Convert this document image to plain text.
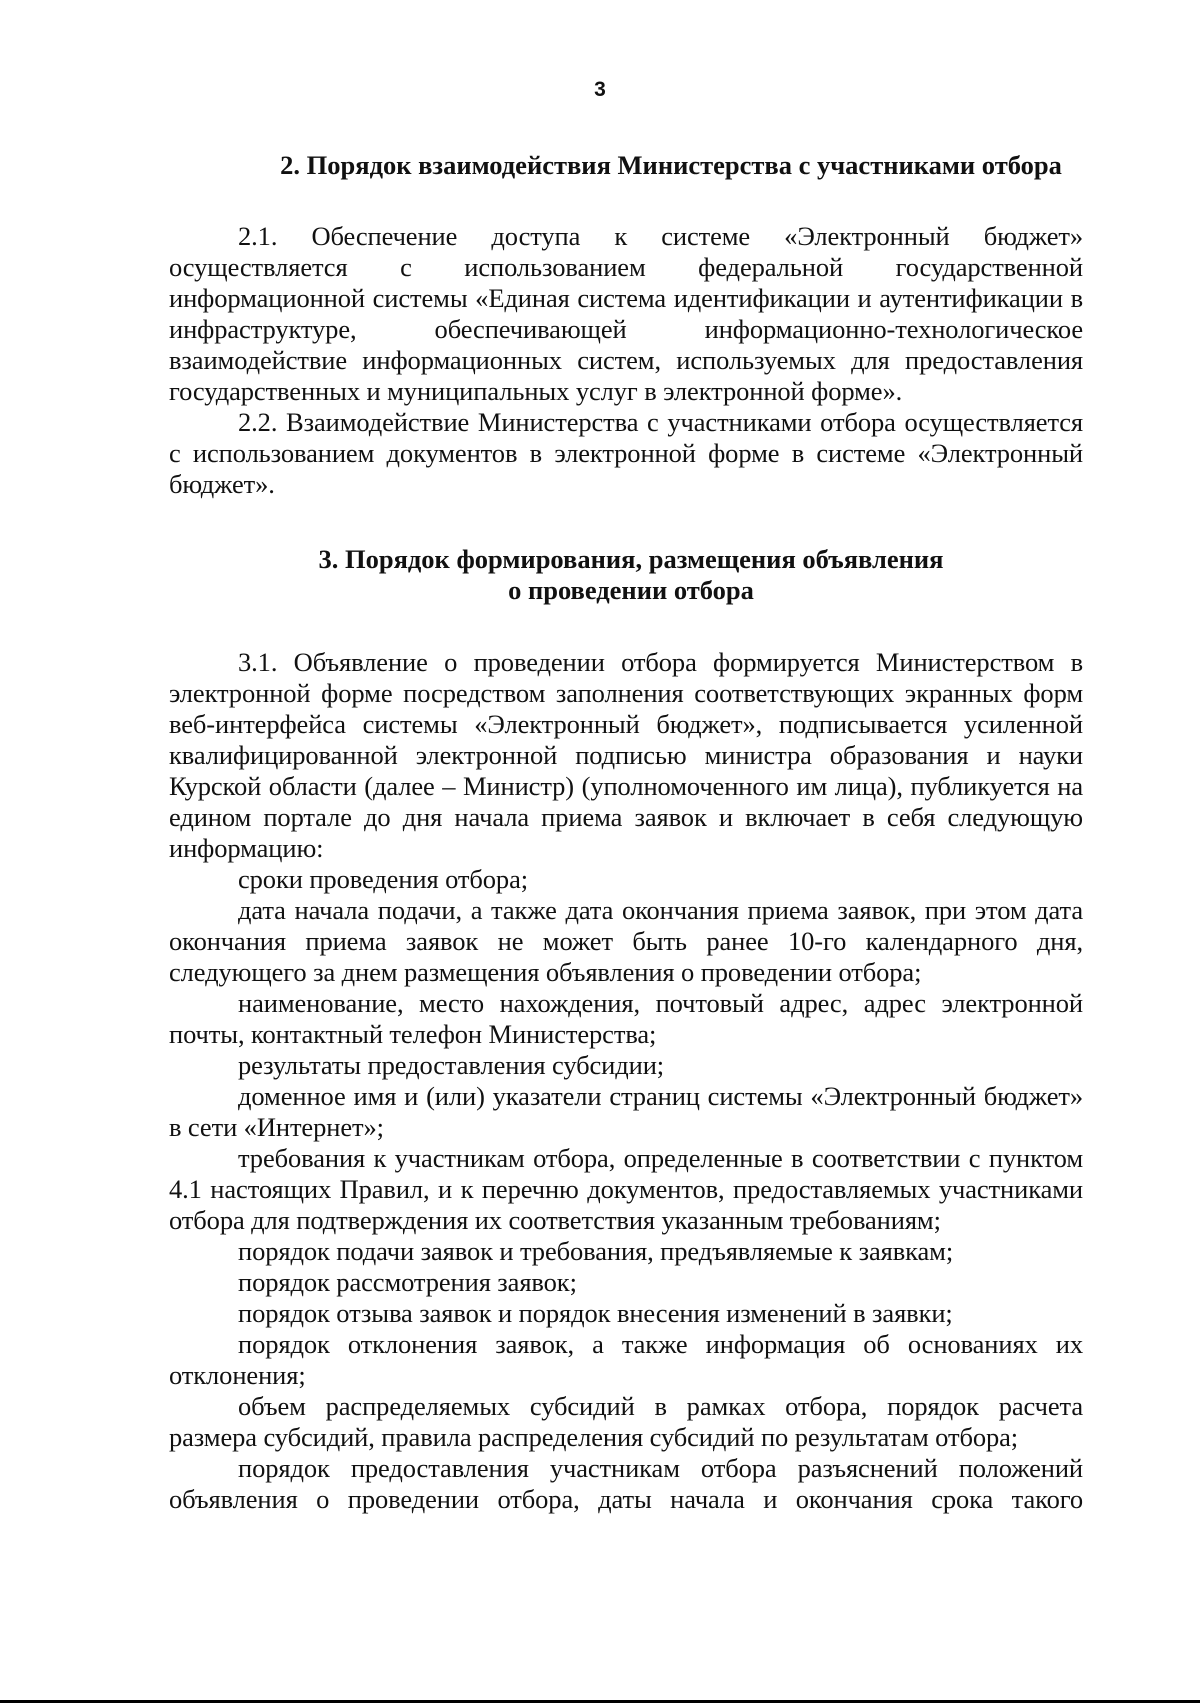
3
2. Порядок взаимодействия Министерства с участниками отбора

2.1. Обеспечение доступа к системе «Электронный бюджет» осуществляется с использованием федеральной государственной информационной системы «Единая система идентификации и аутентификации в инфраструктуре, обеспечивающей информационно-технологическое взаимодействие информационных систем, используемых для предоставления государственных и муниципальных услуг в электронной форме».

2.2. Взаимодействие Министерства с участниками отбора осуществляется с использованием документов в электронной форме в системе «Электронный бюджет».

3. Порядок формирования, размещения объявления
о проведении отбора

3.1. Объявление о проведении отбора формируется Министерством в электронной форме посредством заполнения соответствующих экранных форм веб-интерфейса системы «Электронный бюджет», подписывается усиленной квалифицированной электронной подписью министра образования и науки Курской области (далее – Министр) (уполномоченного им лица), публикуется на едином портале до дня начала приема заявок и включает в себя следующую информацию:

сроки проведения отбора;

дата начала подачи, а также дата окончания приема заявок, при этом дата окончания приема заявок не может быть ранее 10-го календарного дня, следующего за днем размещения объявления о проведении отбора;

наименование, место нахождения, почтовый адрес, адрес электронной почты, контактный телефон Министерства;

результаты предоставления субсидии;

доменное имя и (или) указатели страниц системы «Электронный бюджет» в сети «Интернет»;

требования к участникам отбора, определенные в соответствии с пунктом 4.1 настоящих Правил, и к перечню документов, предоставляемых участниками отбора для подтверждения их соответствия указанным требованиям;

порядок подачи заявок и требования, предъявляемые к заявкам;

порядок рассмотрения заявок;

порядок отзыва заявок и порядок внесения изменений в заявки;

порядок отклонения заявок, а также информация об основаниях их отклонения;

объем распределяемых субсидий в рамках отбора, порядок расчета размера субсидий, правила распределения субсидий по результатам отбора;

порядок предоставления участникам отбора разъяснений положений объявления о проведении отбора, даты начала и окончания срока такого
